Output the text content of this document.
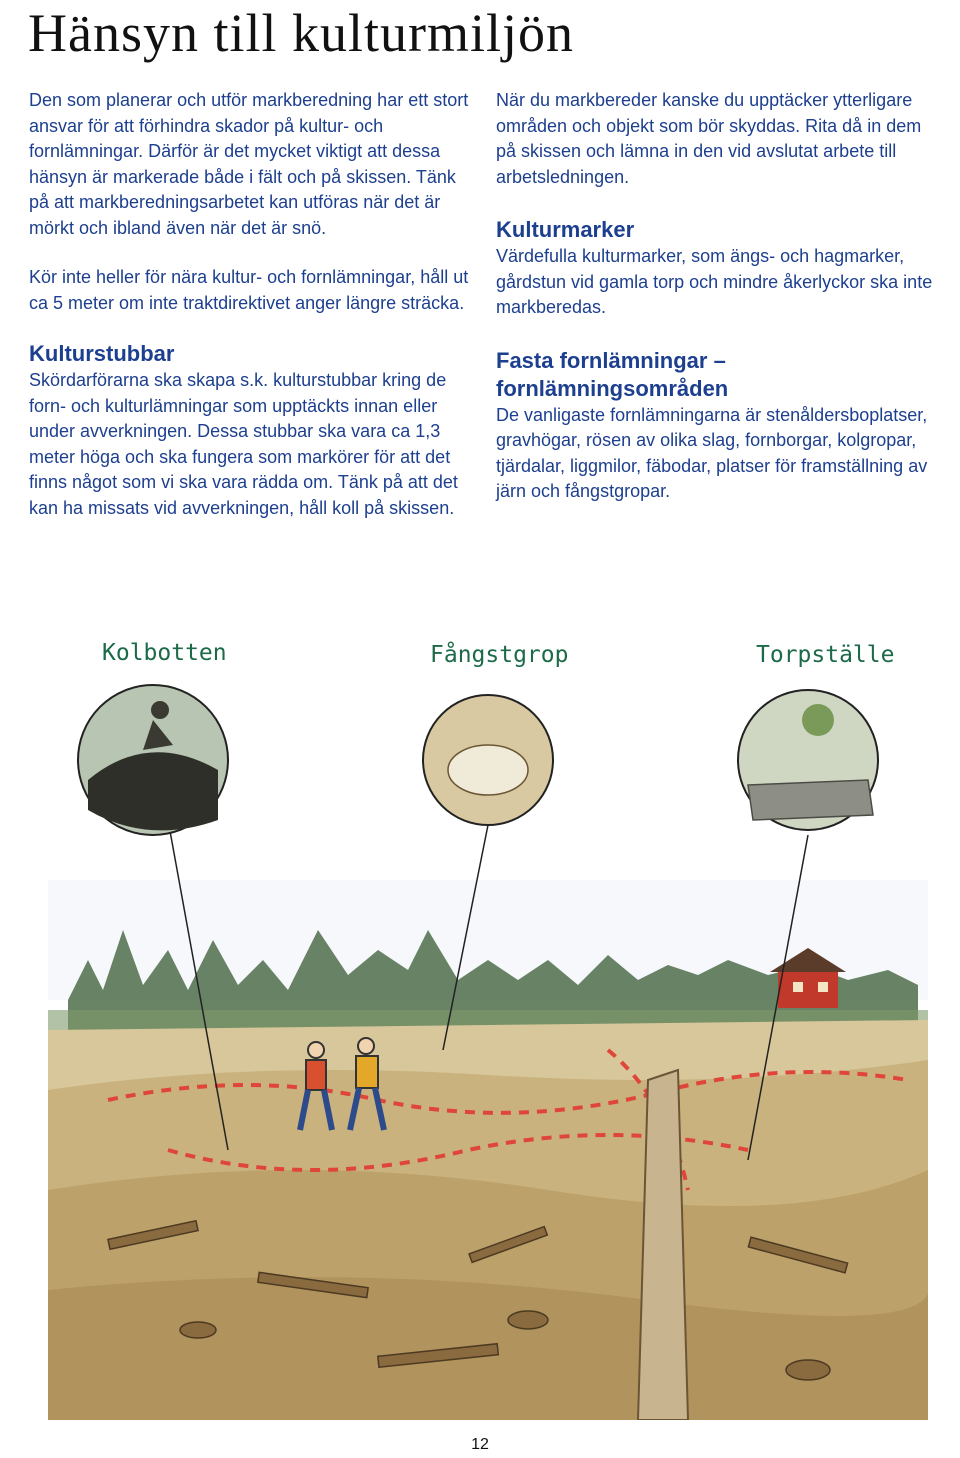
Hänsyn till kulturmiljön

Den som planerar och utför markberedning har ett stort ansvar för att förhindra skador på kultur- och fornlämningar. Därför är det mycket viktigt att dessa hänsyn är markerade både i fält och på skissen. Tänk på att markberedningsarbetet kan utföras när det är mörkt och ibland även när det är snö.

Kör inte heller för nära kultur- och fornlämningar, håll ut ca 5 meter om inte traktdirektivet anger längre sträcka.

Kulturstubbar

Skördarförarna ska skapa s.k. kulturstubbar kring de forn- och kulturlämningar som upptäckts innan eller under avverkningen. Dessa stubbar ska vara ca 1,3 meter höga och ska fungera som markörer för att det finns något som vi ska vara rädda om. Tänk på att det kan ha missats vid avverkningen, håll koll på skissen.

När du markbereder kanske du upptäcker ytterligare områden och objekt som bör skyddas. Rita då in dem på skissen och lämna in den vid avslutat arbete till arbetsledningen.

Kulturmarker

Värdefulla kulturmarker, som ängs- och hagmarker, gårdstun vid gamla torp och mindre åkerlyckor ska inte markberedas.

Fasta fornlämningar – fornlämningsområden

De vanligaste fornlämningarna är stenåldersboplatser, gravhögar, rösen av olika slag, fornborgar, kolgropar, tjärdalar, liggmilor, fäbodar, platser för framställning av järn och fångstgropar.

Kolbotten	Fångstgrop	Torpställe
12
